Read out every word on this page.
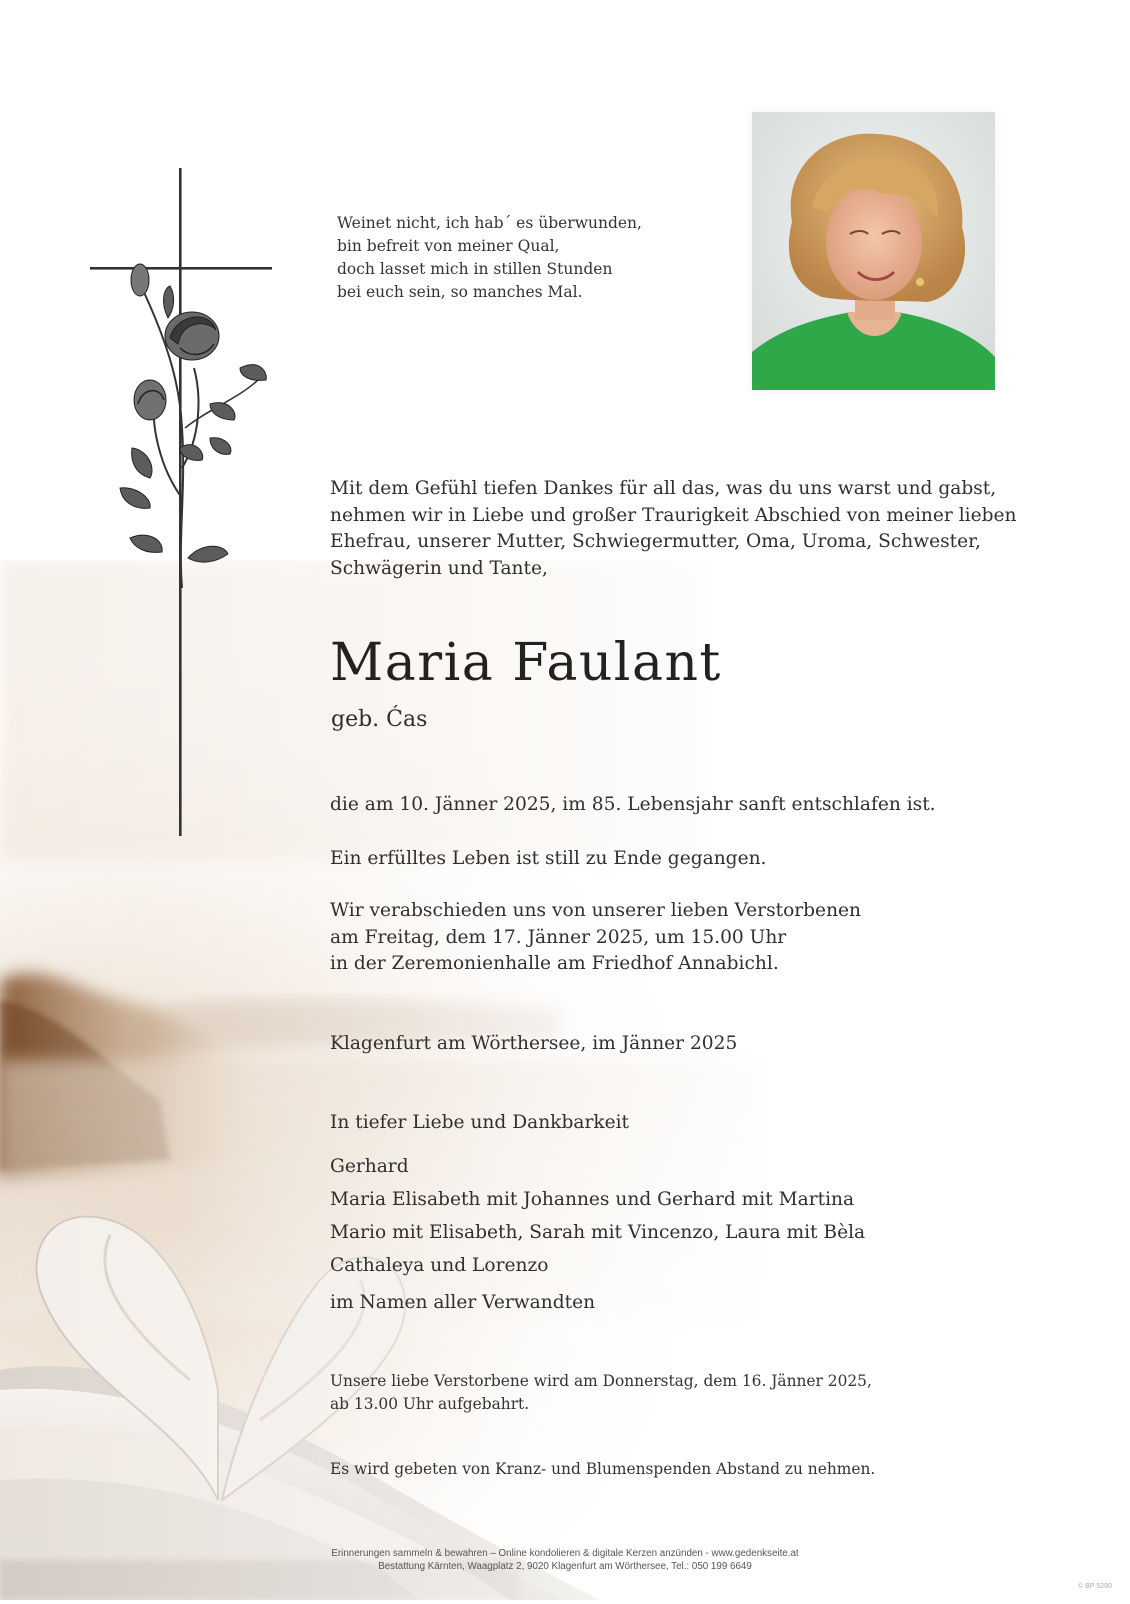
Weinet nicht, ich hab´ es überwunden,
bin befreit von meiner Qual,
doch lasset mich in stillen Stunden
bei euch sein, so manches Mal.
Mit dem Gefühl tiefen Dankes für all das, was du uns warst und gabst,
nehmen wir in Liebe und großer Traurigkeit Abschied von meiner lieben
Ehefrau, unserer Mutter, Schwiegermutter, Oma, Uroma, Schwester,
Schwägerin und Tante,
Maria Faulant
geb. Ćas
die am 10. Jänner 2025, im 85. Lebensjahr sanft entschlafen ist.
Ein erfülltes Leben ist still zu Ende gegangen.
Wir verabschieden uns von unserer lieben Verstorbenen
am Freitag, dem 17. Jänner 2025, um 15.00 Uhr
in der Zeremonienhalle am Friedhof Annabichl.
Klagenfurt am Wörthersee, im Jänner 2025
In tiefer Liebe und Dankbarkeit
Gerhard
Maria Elisabeth mit Johannes und Gerhard mit Martina
Mario mit Elisabeth, Sarah mit Vincenzo, Laura mit Bèla
Cathaleya und Lorenzo
im Namen aller Verwandten
Unsere liebe Verstorbene wird am Donnerstag, dem 16. Jänner 2025,
ab 13.00 Uhr aufgebahrt.
Es wird gebeten von Kranz- und Blumenspenden Abstand zu nehmen.
Erinnerungen sammeln & bewahren – Online kondolieren & digitale Kerzen anzünden - www.gedenkseite.at
Bestattung Kärnten, Waagplatz 2, 9020 Klagenfurt am Wörthersee, Tel.: 050 199 6649
© BP 5280
